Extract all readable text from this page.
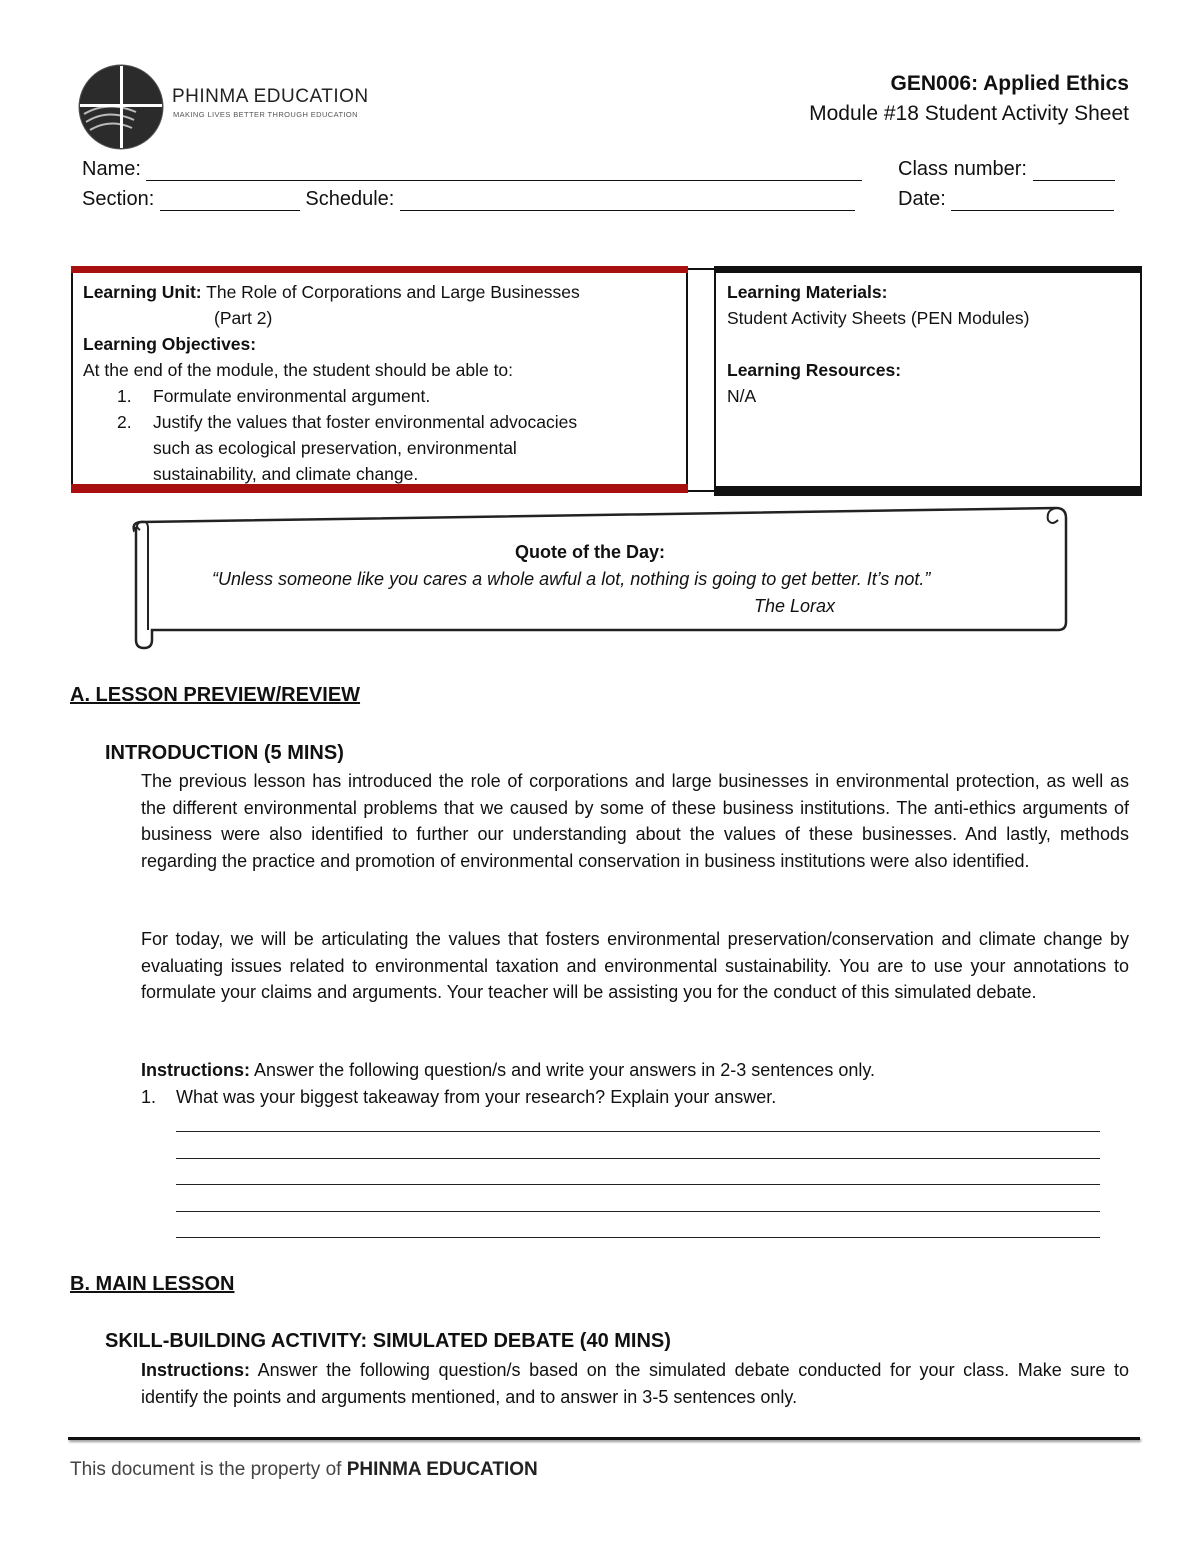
PHINMA EDUCATION
MAKING LIVES BETTER THROUGH EDUCATION
GEN006: Applied Ethics
Module #18 Student Activity Sheet
Name:	Class number:
Section:	Schedule:	Date:

Learning Unit: The Role of Corporations and Large Businesses

(Part 2)

Learning Objectives:

At the end of the module, the student should be able to:

1. Formulate environmental argument.

2. Justify the values that foster environmental advocacies

such as ecological preservation, environmental

sustainability, and climate change.

Learning Materials:

Student Activity Sheets (PEN Modules)

Learning Resources:

N/A

Quote of the Day:
“Unless someone like you cares a whole awful a lot, nothing is going to get better. It’s not.”
The Lorax
A. LESSON PREVIEW/REVIEW
INTRODUCTION (5 MINS)
The previous lesson has introduced the role of corporations and large businesses in environmental protection, as well as the different environmental problems that we caused by some of these business institutions. The anti-ethics arguments of business were also identified to further our understanding about the values of these businesses. And lastly, methods regarding the practice and promotion of environmental conservation in business institutions were also identified.
For today, we will be articulating the values that fosters environmental preservation/conservation and climate change by evaluating issues related to environmental taxation and environmental sustainability. You are to use your annotations to formulate your claims and arguments. Your teacher will be assisting you for the conduct of this simulated debate.
Instructions: Answer the following question/s and write your answers in 2-3 sentences only.
1. What was your biggest takeaway from your research? Explain your answer.
B. MAIN LESSON
SKILL-BUILDING ACTIVITY: SIMULATED DEBATE (40 MINS)
Instructions: Answer the following question/s based on the simulated debate conducted for your class. Make sure to identify the points and arguments mentioned, and to answer in 3-5 sentences only.
This document is the property of PHINMA EDUCATION
